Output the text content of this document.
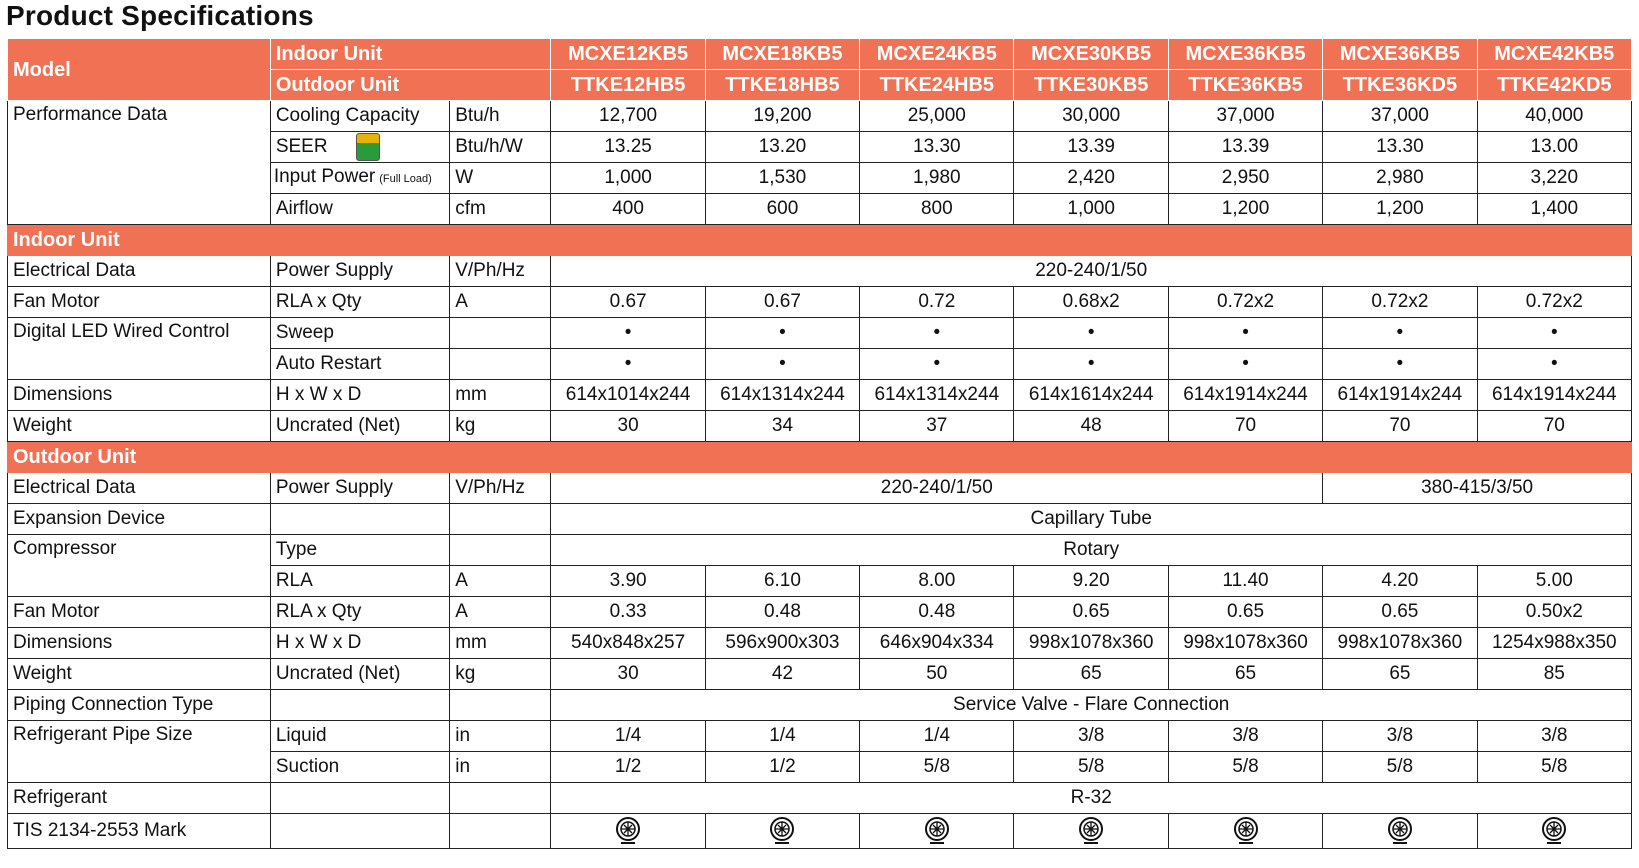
Product Specifications
Model	Indoor Unit		MCXE12KB5	MCXE18KB5	MCXE24KB5	MCXE30KB5	MCXE36KB5	MCXE36KB5	MCXE42KB5
	Outdoor Unit		TTKE12HB5	TTKE18HB5	TTKE24HB5	TTKE30KB5	TTKE36KB5	TTKE36KD5	TTKE42KD5
Performance Data	Cooling Capacity	Btu/h	12,700	19,200	25,000	30,000	37,000	37,000	40,000
	SEER	Btu/h/W	13.25	13.20	13.30	13.39	13.39	13.30	13.00
	Input Power (Full Load)	W	1,000	1,530	1,980	2,420	2,950	2,980	3,220
	Airflow	cfm	400	600	800	1,000	1,200	1,200	1,400
Indoor Unit									
Electrical Data	Power Supply	V/Ph/Hz	220-240/1/50						
Fan Motor	RLA x Qty	A	0.67	0.67	0.72	0.68x2	0.72x2	0.72x2	0.72x2
Digital LED Wired Control	Sweep		•	•	•	•	•	•	•
	Auto Restart		•	•	•	•	•	•	•
Dimensions	H x W x D	mm	614x1014x244	614x1314x244	614x1314x244	614x1614x244	614x1914x244	614x1914x244	614x1914x244
Weight	Uncrated (Net)	kg	30	34	37	48	70	70	70
Outdoor Unit									
Electrical Data	Power Supply	V/Ph/Hz	220-240/1/50					380-415/3/50	
Expansion Device			Capillary Tube						
Compressor	Type		Rotary						
	RLA	A	3.90	6.10	8.00	9.20	11.40	4.20	5.00
Fan Motor	RLA x Qty	A	0.33	0.48	0.48	0.65	0.65	0.65	0.50x2
Dimensions	H x W x D	mm	540x848x257	596x900x303	646x904x334	998x1078x360	998x1078x360	998x1078x360	1254x988x350
Weight	Uncrated (Net)	kg	30	42	50	65	65	65	85
Piping Connection Type			Service Valve - Flare Connection						
Refrigerant Pipe Size	Liquid	in	1/4	1/4	1/4	3/8	3/8	3/8	3/8
	Suction	in	1/2	1/2	5/8	5/8	5/8	5/8	5/8
Refrigerant			R-32						
TIS 2134-2553 Mark									
